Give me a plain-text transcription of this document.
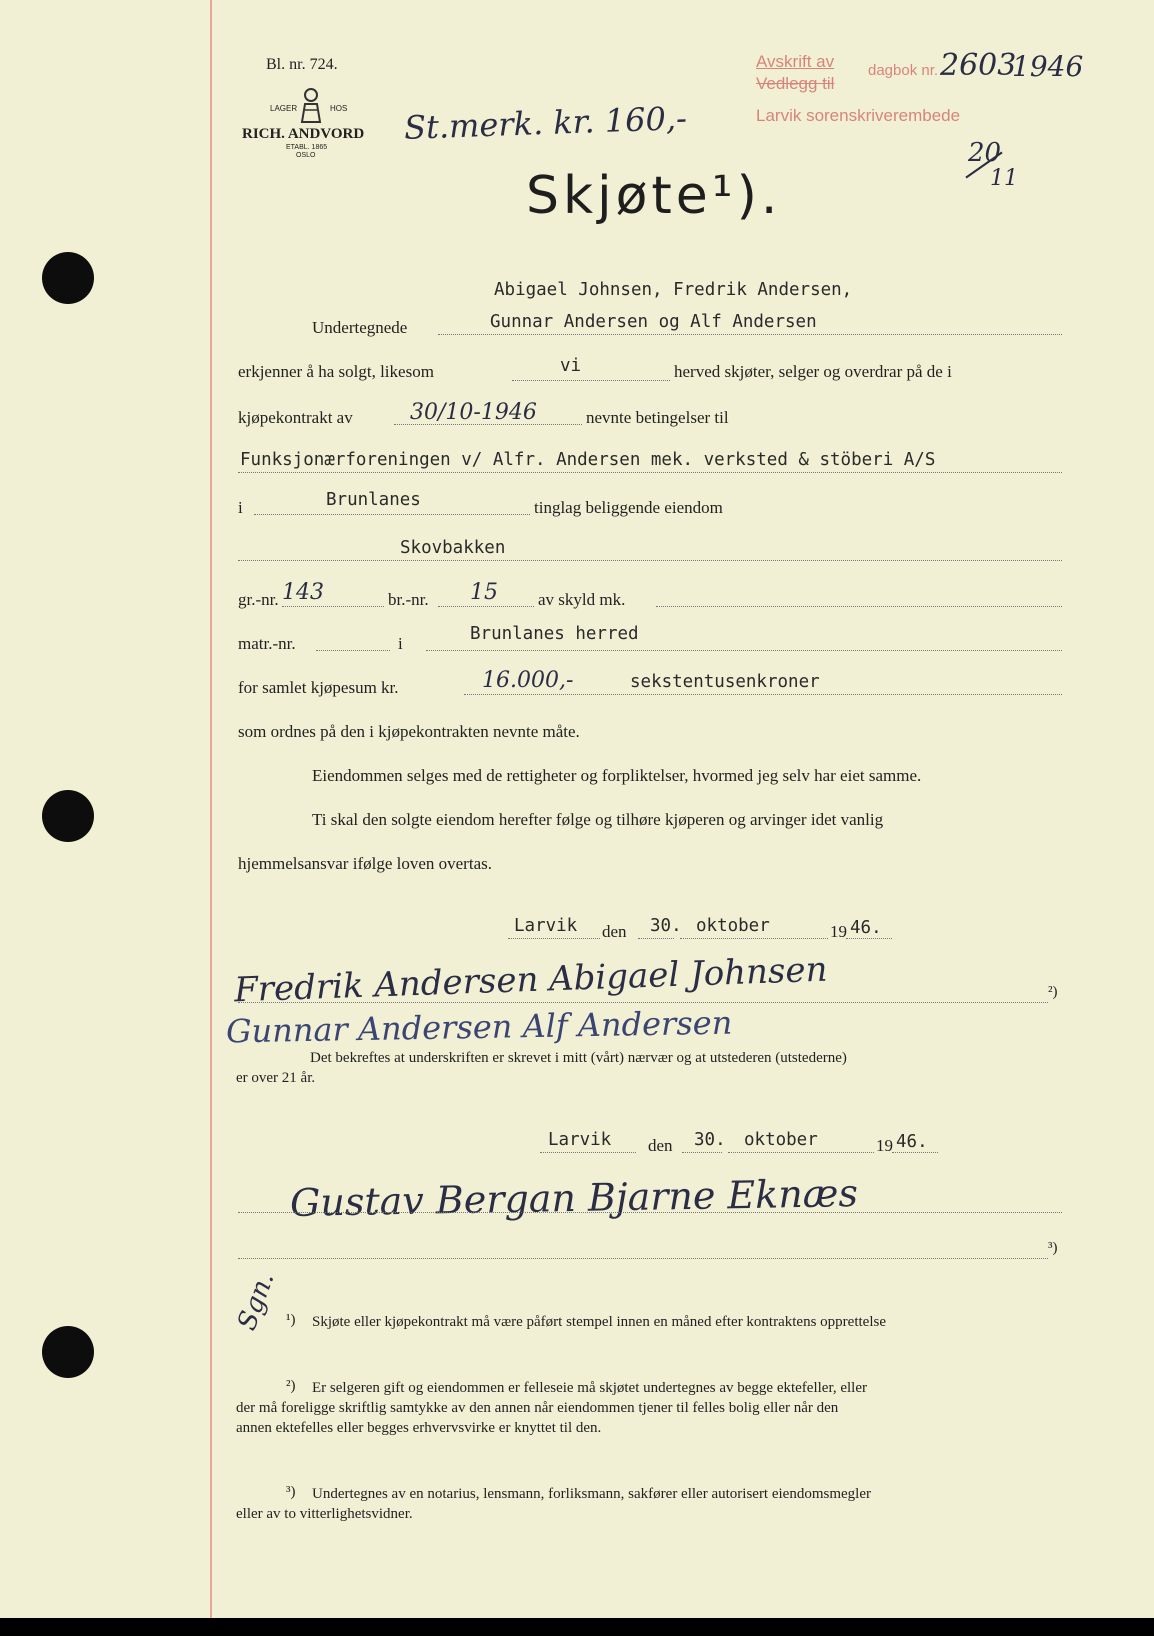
Bl. nr. 724.
LAGER	HOS
RICH. ANDVORD
ETABL. 1865
OSLO
St.merk. kr. 160,-
Avskrift av
Vedlegg til
dagbok nr.
Larvik sorenskriverembede
2603
1946
20
11
Skjøte¹).
Abigael Johnsen, Fredrik Andersen,
Undertegnede	Gunnar Andersen og Alf Andersen
erkjenner å ha solgt, likesom	vi	herved skjøter, selger og overdrar på de i
kjøpekontrakt av	30/10-1946	nevnte betingelser til
Funksjonærforeningen v/ Alfr. Andersen mek. verksted & stöberi A/S
i	Brunlanes	tinglag beliggende eiendom
Skovbakken
gr.-nr. 143	br.-nr. 15 av skyld mk.
matr.-nr.	i	Brunlanes herred
for samlet kjøpesum kr.	16.000,-	sekstentusenkroner
som ordnes på den i kjøpekontrakten nevnte måte.
Eiendommen selges med de rettigheter og forpliktelser, hvormed jeg selv har eiet samme.
Ti skal den solgte eiendom herefter følge og tilhøre kjøperen og arvinger idet vanlig
hjemmelsansvar ifølge loven overtas.
Larvik den 30. oktober	19 46.
Fredrik Andersen Abigael Johnsen	²)
Gunnar Andersen Alf Andersen
Det bekreftes at underskriften er skrevet i mitt (vårt) nærvær og at utstederen (utstederne)
er over 21 år.
Larvik den 30. oktober	19 46.
Gustav Bergan Bjarne Eknæs
³)
Sgn. ¹) Skjøte eller kjøpekontrakt må være påført stempel innen en måned efter kontraktens opprettelse
²) Er selgeren gift og eiendommen er felleseie må skjøtet undertegnes av begge ektefeller, eller
der må foreligge skriftlig samtykke av den annen når eiendommen tjener til felles bolig eller når den
annen ektefelles eller begges erhvervsvirke er knyttet til den.
³) Undertegnes av en notarius, lensmann, forliksmann, sakfører eller autorisert eiendomsmegler
eller av to vitterlighetsvidner.
